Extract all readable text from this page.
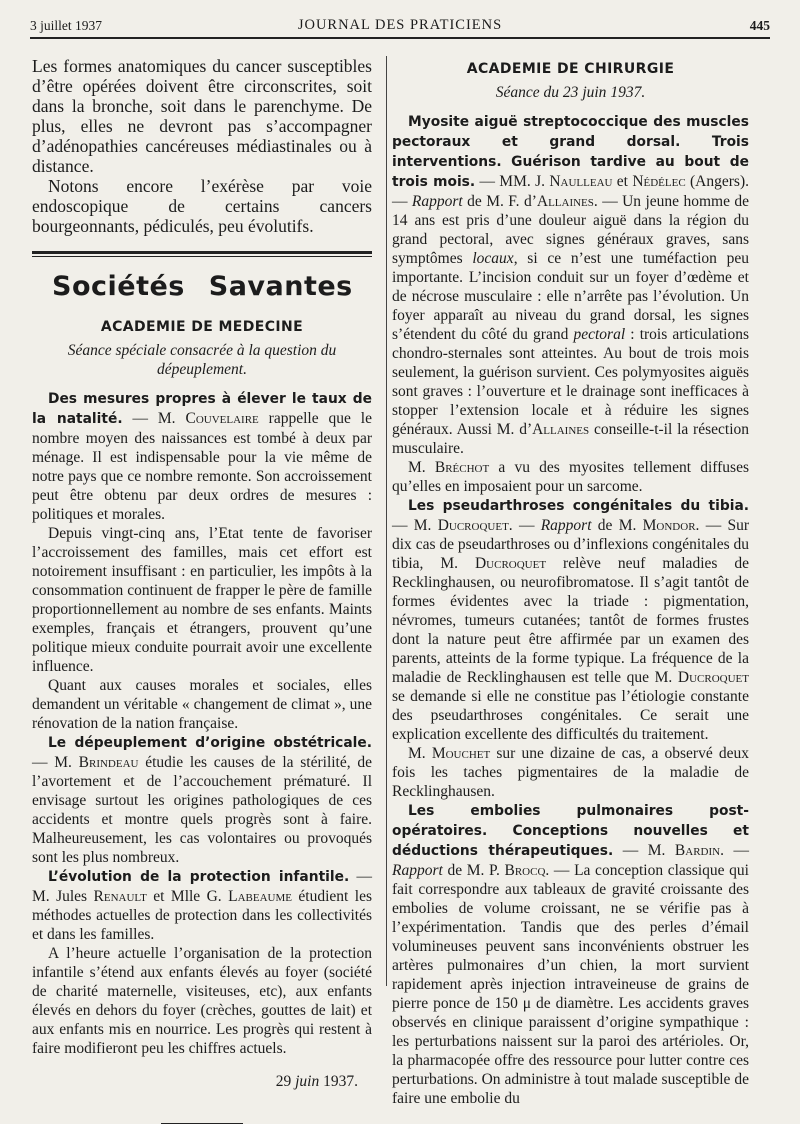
3 juillet 1937	JOURNAL DES PRATICIENS	445

Les formes anatomiques du cancer susceptibles d’être opérées doivent être circonscrites, soit dans la bronche, soit dans le parenchyme. De plus, elles ne devront pas s’accompagner d’adénopathies cancéreuses médiastinales ou à distance.

Notons encore l’exérèse par voie endoscopique de certains cancers bourgeonnants, pédiculés, peu évolutifs.

Sociétés Savantes
ACADEMIE DE MEDECINE
Séance spéciale consacrée à la question du dépeuplement.

Des mesures propres à élever le taux de la natalité. — M. Couvelaire rappelle que le nombre moyen des naissances est tombé à deux par ménage. Il est indispensable pour la vie même de notre pays que ce nombre remonte. Son accroissement peut être obtenu par deux ordres de mesures : politiques et morales.

Depuis vingt-cinq ans, l’Etat tente de favoriser l’accroissement des familles, mais cet effort est notoirement insuffisant : en particulier, les impôts à la consommation continuent de frapper le père de famille proportionnellement au nombre de ses enfants. Maints exemples, français et étrangers, prouvent qu’une politique mieux conduite pourrait avoir une excellente influence.

Quant aux causes morales et sociales, elles demandent un véritable « changement de climat », une rénovation de la nation française.

Le dépeuplement d’origine obstétricale. — M. Brindeau étudie les causes de la stérilité, de l’avortement et de l’accouchement prématuré. Il envisage surtout les origines pathologiques de ces accidents et montre quels progrès sont à faire. Malheureusement, les cas volontaires ou provoqués sont les plus nombreux.

L’évolution de la protection infantile. — M. Jules Renault et Mlle G. Labeaume étudient les méthodes actuelles de protection dans les collectivités et dans les familles.

A l’heure actuelle l’organisation de la protection infantile s’étend aux enfants élevés au foyer (société de charité maternelle, visiteuses, etc), aux enfants élevés en dehors du foyer (crèches, gouttes de lait) et aux enfants mis en nourrice. Les progrès qui restent à faire modifieront peu les chiffres actuels.

29 juin 1937.
ACADEMIE DE CHIRURGIE
Séance du 23 juin 1937.

Myosite aiguë streptococcique des muscles pectoraux et grand dorsal. Trois interventions. Guérison tardive au bout de trois mois. — MM. J. Naulleau et Nédélec (Angers). — Rapport de M. F. d’Allaines. — Un jeune homme de 14 ans est pris d’une douleur aiguë dans la région du grand pectoral, avec signes généraux graves, sans symptômes locaux, si ce n’est une tuméfaction peu importante. L’incision conduit sur un foyer d’œdème et de nécrose musculaire : elle n’arrête pas l’évolution. Un foyer apparaît au niveau du grand dorsal, les signes s’étendent du côté du grand pectoral : trois articulations chondro-sternales sont atteintes. Au bout de trois mois seulement, la guérison survient. Ces polymyosites aiguës sont graves : l’ouverture et le drainage sont inefficaces à stopper l’extension locale et à réduire les signes généraux. Aussi M. d’Allaines conseille-t-il la résection musculaire.

M. Bréchot a vu des myosites tellement diffuses qu’elles en imposaient pour un sarcome.

Les pseudarthroses congénitales du tibia. — M. Ducroquet. — Rapport de M. Mondor. — Sur dix cas de pseudarthroses ou d’inflexions congénitales du tibia, M. Ducroquet relève neuf maladies de Recklinghausen, ou neurofibromatose. Il s’agit tantôt de formes évidentes avec la triade : pigmentation, névromes, tumeurs cutanées; tantôt de formes frustes dont la nature peut être affirmée par un examen des parents, atteints de la forme typique. La fréquence de la maladie de Recklinghausen est telle que M. Ducroquet se demande si elle ne constitue pas l’étiologie constante des pseudarthroses congénitales. Ce serait une explication excellente des difficultés du traitement.

M. Mouchet sur une dizaine de cas, a observé deux fois les taches pigmentaires de la maladie de Recklinghausen.

Les embolies pulmonaires post-opératoires. Conceptions nouvelles et déductions thérapeutiques. — M. Bardin. — Rapport de M. P. Brocq. — La conception classique qui fait correspondre aux tableaux de gravité croissante des embolies de volume croissant, ne se vérifie pas à l’expérimentation. Tandis que des perles d’émail volumineuses peuvent sans inconvénients obstruer les artères pulmonaires d’un chien, la mort survient rapidement après injection intraveineuse de grains de pierre ponce de 150 μ de diamètre. Les accidents graves observés en clinique paraissent d’origine sympathique : les perturbations naissent sur la paroi des artérioles. Or, la pharmacopée offre des ressource pour lutter contre ces perturbations. On administre à tout malade susceptible de faire une embolie du
